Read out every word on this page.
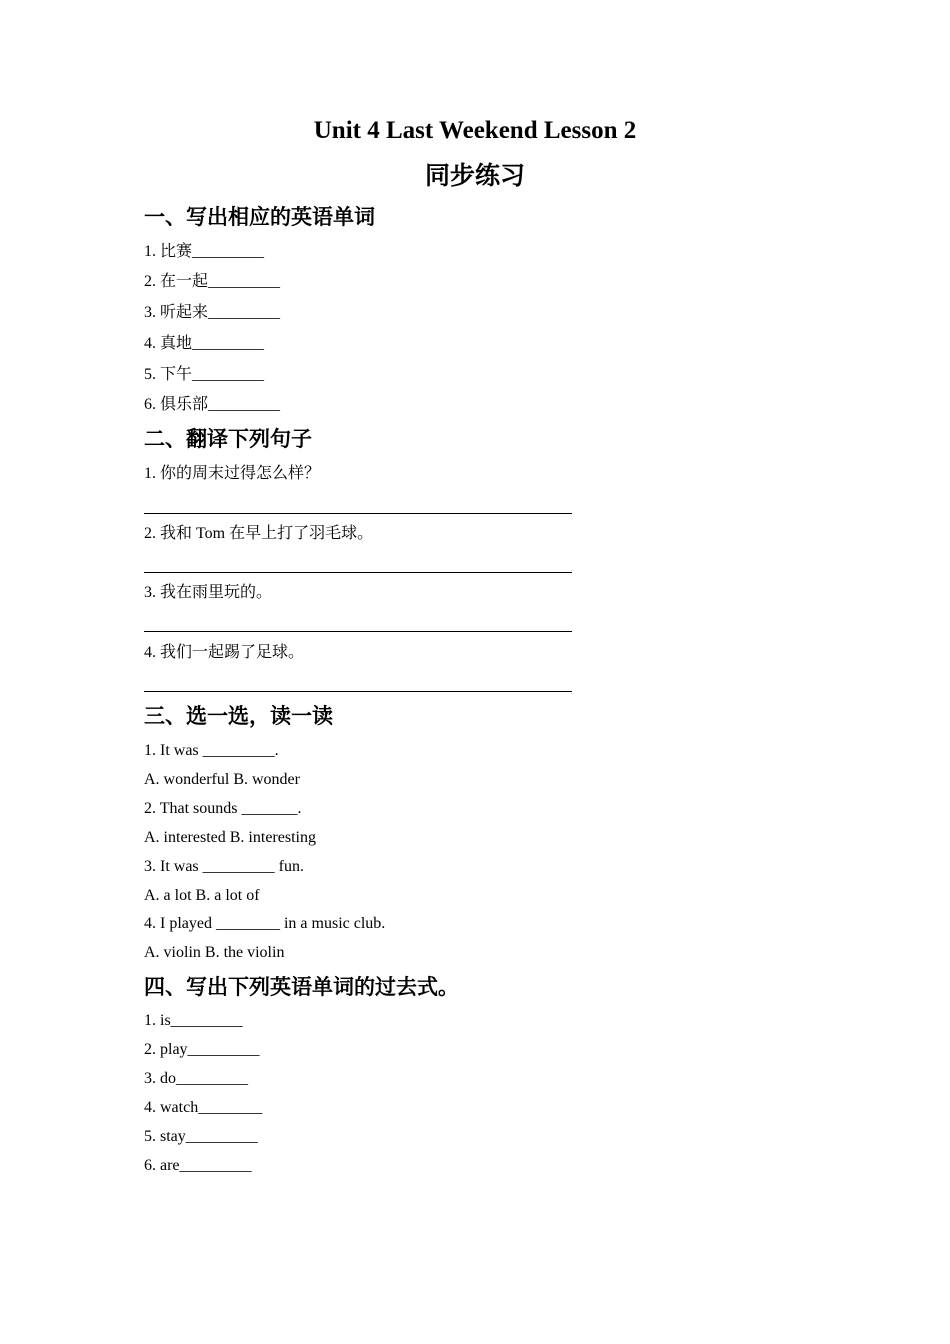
Unit 4 Last Weekend Lesson 2
同步练习
一、写出相应的英语单词
1. 比赛_________
2. 在一起_________
3. 听起来_________
4. 真地_________
5. 下午_________
6. 俱乐部_________
二、翻译下列句子
1. 你的周末过得怎么样？
2. 我和 Tom 在早上打了羽毛球。
3. 我在雨里玩的。
4. 我们一起踢了足球。
三、选一选，读一读
1. It was _________.
A. wonderful B. wonder
2. That sounds _______.
A. interested B. interesting
3. It was _________ fun.
A. a lot B. a lot of
4. I played ________ in a music club.
A. violin B. the violin
四、写出下列英语单词的过去式。
1. is_________
2. play_________
3. do_________
4. watch________
5. stay_________
6. are_________
